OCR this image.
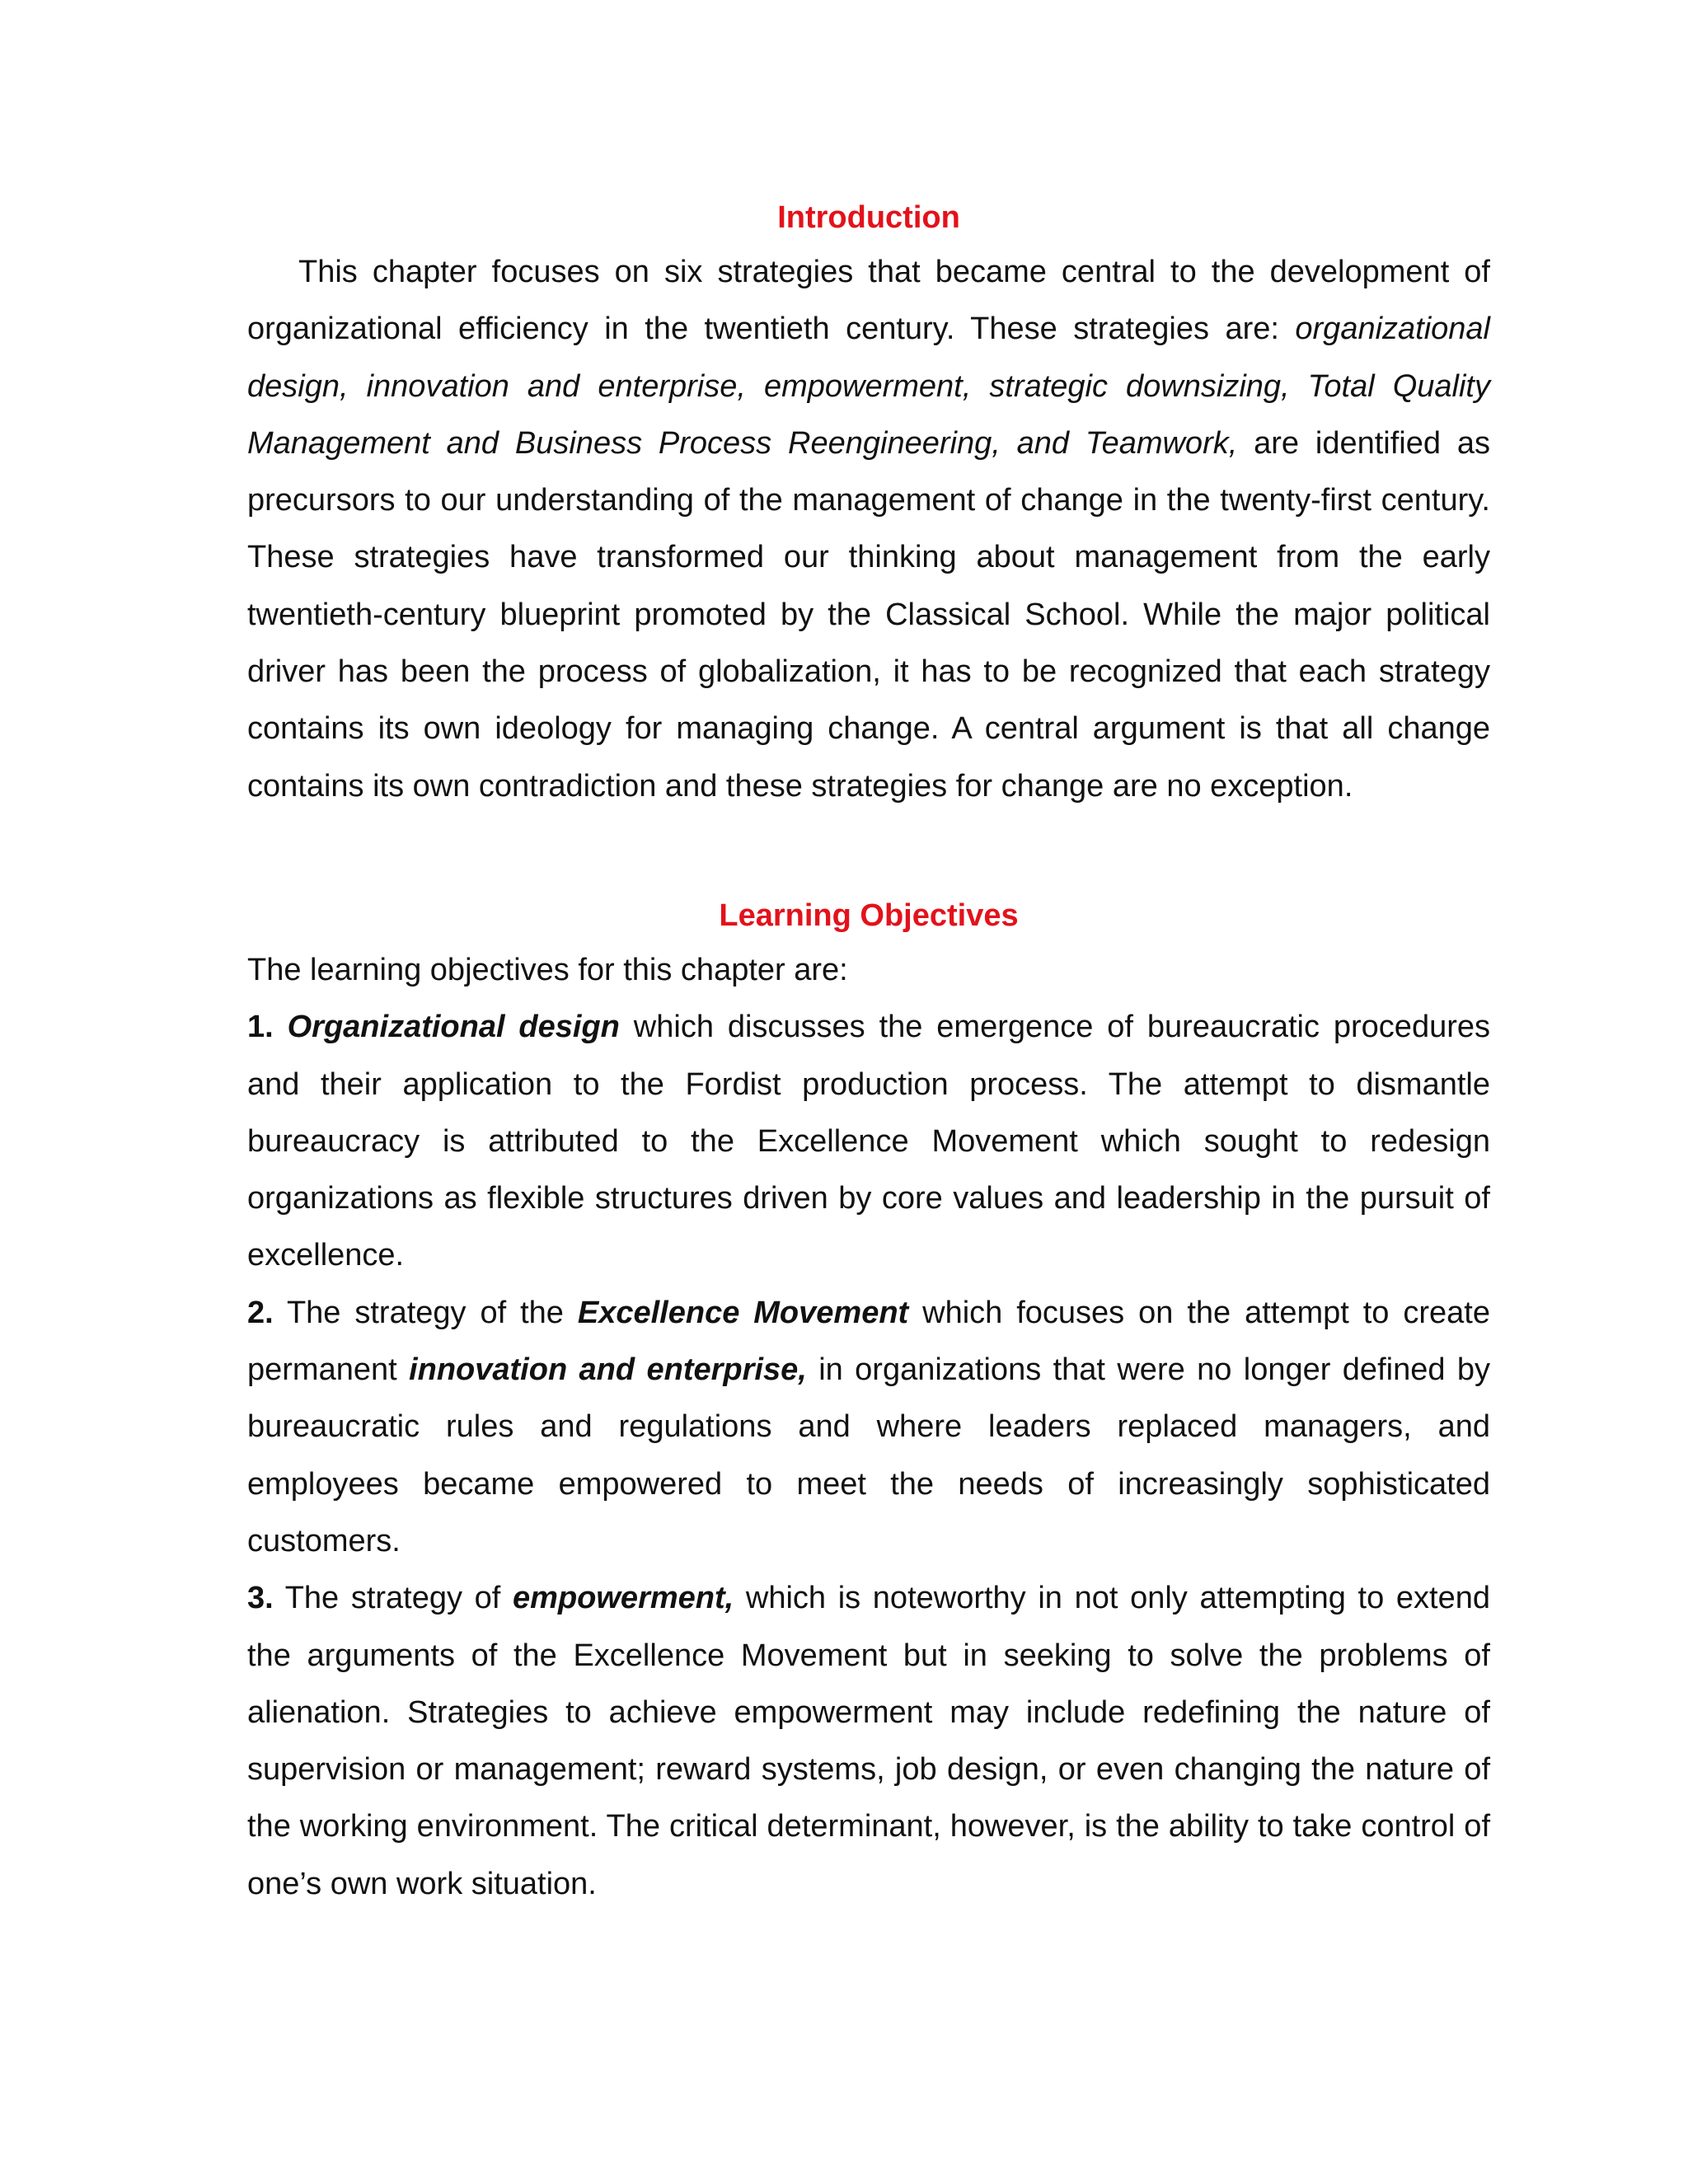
Introduction

This chapter focuses on six strategies that became central to the development of organizational efficiency in the twentieth century. These strategies are: organizational design, innovation and enterprise, empowerment, strategic downsizing, Total Quality Management and Business Process Reengineering, and Teamwork, are identified as precursors to our understanding of the management of change in the twenty-first century. These strategies have transformed our thinking about management from the early twentieth-century blueprint promoted by the Classical School. While the major political driver has been the process of globalization, it has to be recognized that each strategy contains its own ideology for managing change. A central argument is that all change contains its own contradiction and these strategies for change are no exception.

Learning Objectives

The learning objectives for this chapter are:

1. Organizational design which discusses the emergence of bureaucratic procedures and their application to the Fordist production process. The attempt to dismantle bureaucracy is attributed to the Excellence Movement which sought to redesign organizations as flexible structures driven by core values and leadership in the pursuit of excellence.

2. The strategy of the Excellence Movement which focuses on the attempt to create permanent innovation and enterprise, in organizations that were no longer defined by bureaucratic rules and regulations and where leaders replaced managers, and employees became empowered to meet the needs of increasingly sophisticated customers.

3. The strategy of empowerment, which is noteworthy in not only attempting to extend the arguments of the Excellence Movement but in seeking to solve the problems of alienation. Strategies to achieve empowerment may include redefining the nature of supervision or management; reward systems, job design, or even changing the nature of the working environment. The critical determinant, however, is the ability to take control of one’s own work situation.
